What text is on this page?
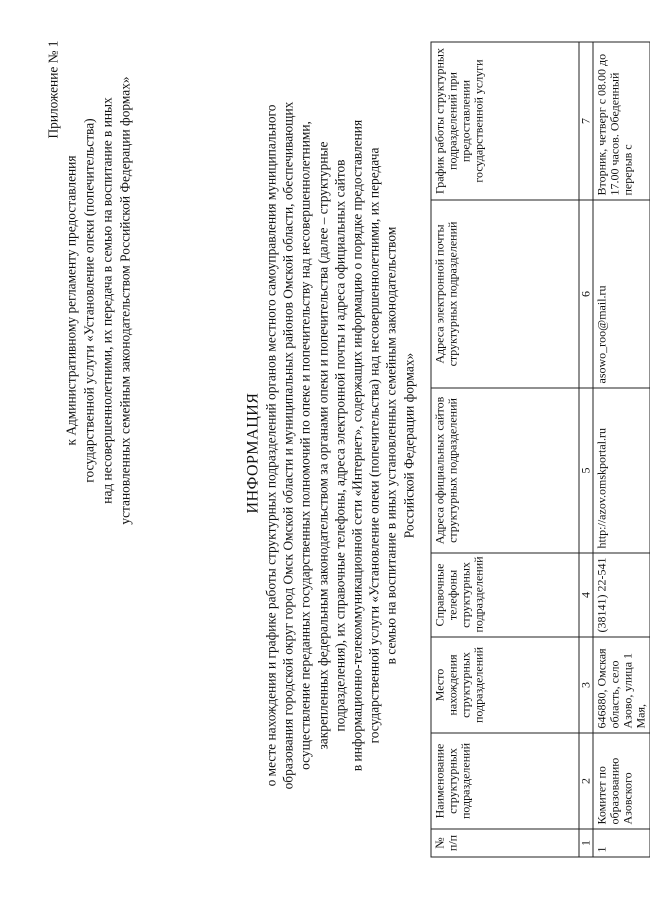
Приложение № 1
к Административному регламенту предоставления государственной услуги «Установление опеки (попечительства) над несовершеннолетними, их передача в семью на воспитание в иных установленных семейным законодательством Российской Федерации формах»	ИНФОРМАЦИЯ о месте нахождения и графике работы структурных подразделений органов местного самоуправления муниципального образования городской округ город Омск Омской области и муниципальных районов Омской области, обеспечивающих осуществление переданных государственных полномочий по опеке и попечительству над несовершеннолетними, закрепленных федеральным законодательством за органами опеки и попечительства (далее – структурные подразделения), их справочные телефоны, адреса электронной почты и адреса официальных сайтов в информационно-телекоммуникационной сети «Интернет», содержащих информацию о порядке предоставления государственной услуги «Установление опеки (попечительства) над несовершеннолетними, их передача в семью на воспитание в иных установленных семейным законодательством Российской Федерации формах»
№ п/п	Наименование структурных подразделений	Место нахождения структурных подразделений	Справочные телефоны структурных подразделений	Адреса официальных сайтов структурных подразделений	Адреса электронной почты структурных подразделений	График работы структурных подразделений при предоставлении государственной услуги
1	2	3	4	5	6	7
1	Комитет по образованию Азовского	646880, Омская область, село Азово, улица 1 Мая,	(38141) 22-541	http://azov.omskportal.ru	asowo_roo@mail.ru	Вторник, четверг с 08.00 до 17.00 часов. Обеденный перерыв с
